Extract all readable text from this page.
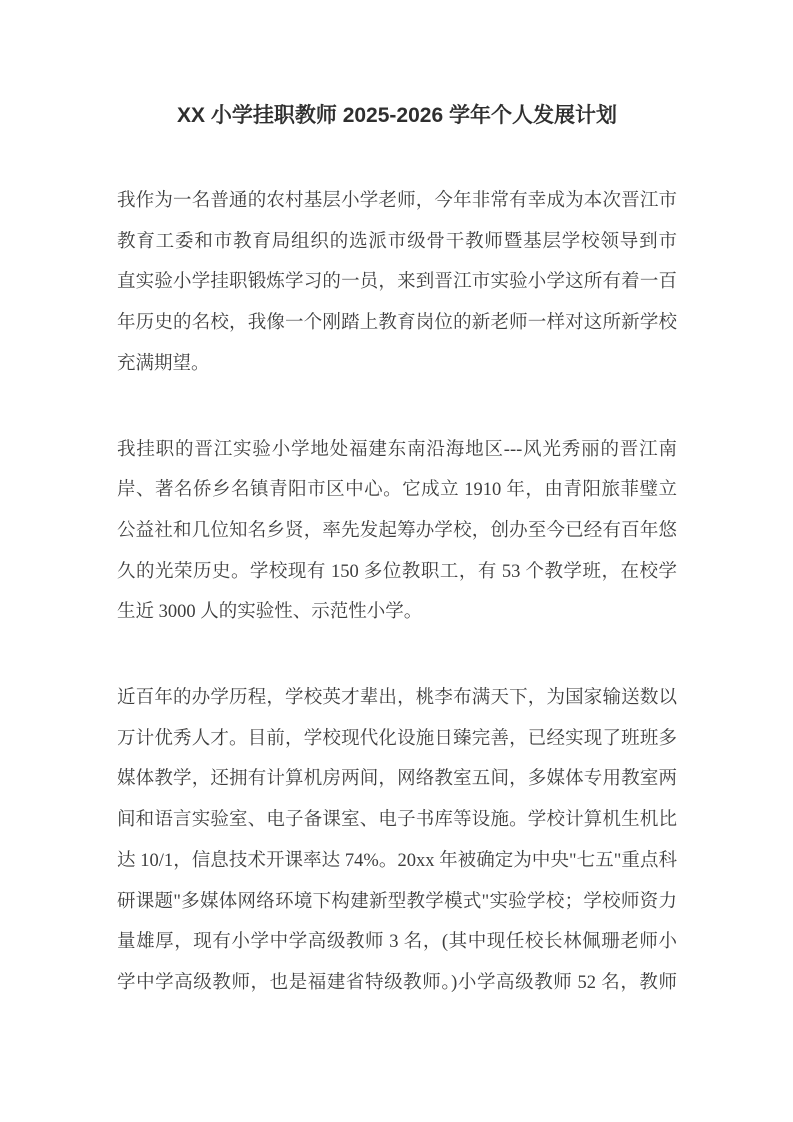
XX 小学挂职教师 2025-2026 学年个人发展计划
我作为一名普通的农村基层小学老师，今年非常有幸成为本次晋江市
教育工委和市教育局组织的选派市级骨干教师暨基层学校领导到市
直实验小学挂职锻炼学习的一员，来到晋江市实验小学这所有着一百
年历史的名校，我像一个刚踏上教育岗位的新老师一样对这所新学校
充满期望。
我挂职的晋江实验小学地处福建东南沿海地区---风光秀丽的晋江南
岸、著名侨乡名镇青阳市区中心。它成立 1910 年，由青阳旅菲璧立
公益社和几位知名乡贤，率先发起筹办学校，创办至今已经有百年悠
久的光荣历史。学校现有 150 多位教职工，有 53 个教学班，在校学
生近 3000 人的实验性、示范性小学。
近百年的办学历程，学校英才辈出，桃李布满天下，为国家输送数以
万计优秀人才。目前，学校现代化设施日臻完善，已经实现了班班多
媒体教学，还拥有计算机房两间，网络教室五间，多媒体专用教室两
间和语言实验室、电子备课室、电子书库等设施。学校计算机生机比
达 10/1，信息技术开课率达 74%。20xx 年被确定为中央"七五"重点科
研课题"多媒体网络环境下构建新型教学模式"实验学校；学校师资力
量雄厚，现有小学中学高级教师 3 名，(其中现任校长林佩珊老师小
学中学高级教师，也是福建省特级教师。)小学高级教师 52 名，教师
